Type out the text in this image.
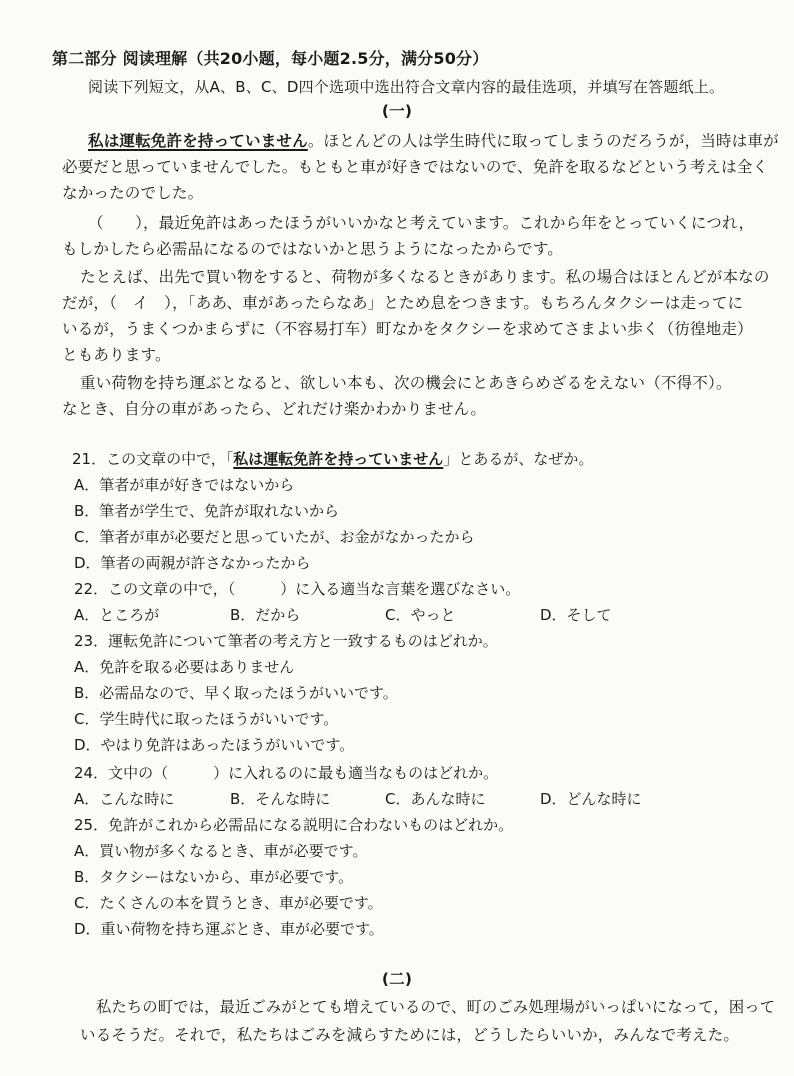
第二部分 阅读理解（共20小题，每小题2.5分，满分50分）
阅读下列短文，从A、B、C、D四个选项中选出符合文章内容的最佳选项，并填写在答题纸上。
(一)
私は運転免許を持っていません。ほとんどの人は学生時代に取ってしまうのだろうが，当時は車が
必要だと思っていませんでした。もともと車が好きではないので、免許を取るなどという考えは全く
なかったのでした。
（　　），最近免許はあったほうがいいかなと考えています。これから年をとっていくにつれ，
もしかしたら必需品になるのではないかと思うようになったからです。
たとえば、出先で買い物をすると、荷物が多くなるときがあります。私の場合はほとんどが本なの
だが，（　イ　），「ああ、車があったらなあ」とため息をつきます。もちろんタクシーは走ってに
いるが，うまくつかまらずに（不容易打车）町なかをタクシーを求めてさまよい歩く（彷徨地走）
ともあります。
重い荷物を持ち運ぶとなると、欲しい本も、次の機会にとあきらめざるをえない（不得不）。
なとき、自分の車があったら、どれだけ楽かわかりません。
21．この文章の中で，「私は運転免許を持っていません」とあるが、なぜか。
A．筆者が車が好きではないから
B．筆者が学生で、免許が取れないから
C．筆者が車が必要だと思っていたが、お金がなかったから
D．筆者の両親が許さなかったから
22．この文章の中で，（　　　）に入る適当な言葉を選びなさい。
A．ところが	B．だから	C．やっと	D．そして
23．運転免許について筆者の考え方と一致するものはどれか。
A．免許を取る必要はありません
B．必需品なので、早く取ったほうがいいです。
C．学生時代に取ったほうがいいです。
D．やはり免許はあったほうがいいです。
24．文中の（　　　）に入れるのに最も適当なものはどれか。
A．こんな時に	B．そんな時に	C．あんな時に	D．どんな時に
25．免許がこれから必需品になる説明に合わないものはどれか。
A．買い物が多くなるとき、車が必要です。
B．タクシーはないから、車が必要です。
C．たくさんの本を買うとき、車が必要です。
D．重い荷物を持ち運ぶとき、車が必要です。
(二)
私たちの町では，最近ごみがとても増えているので、町のごみ処理場がいっぱいになって，困って
いるそうだ。それで，私たちはごみを減らすためには，どうしたらいいか，みんなで考えた。
